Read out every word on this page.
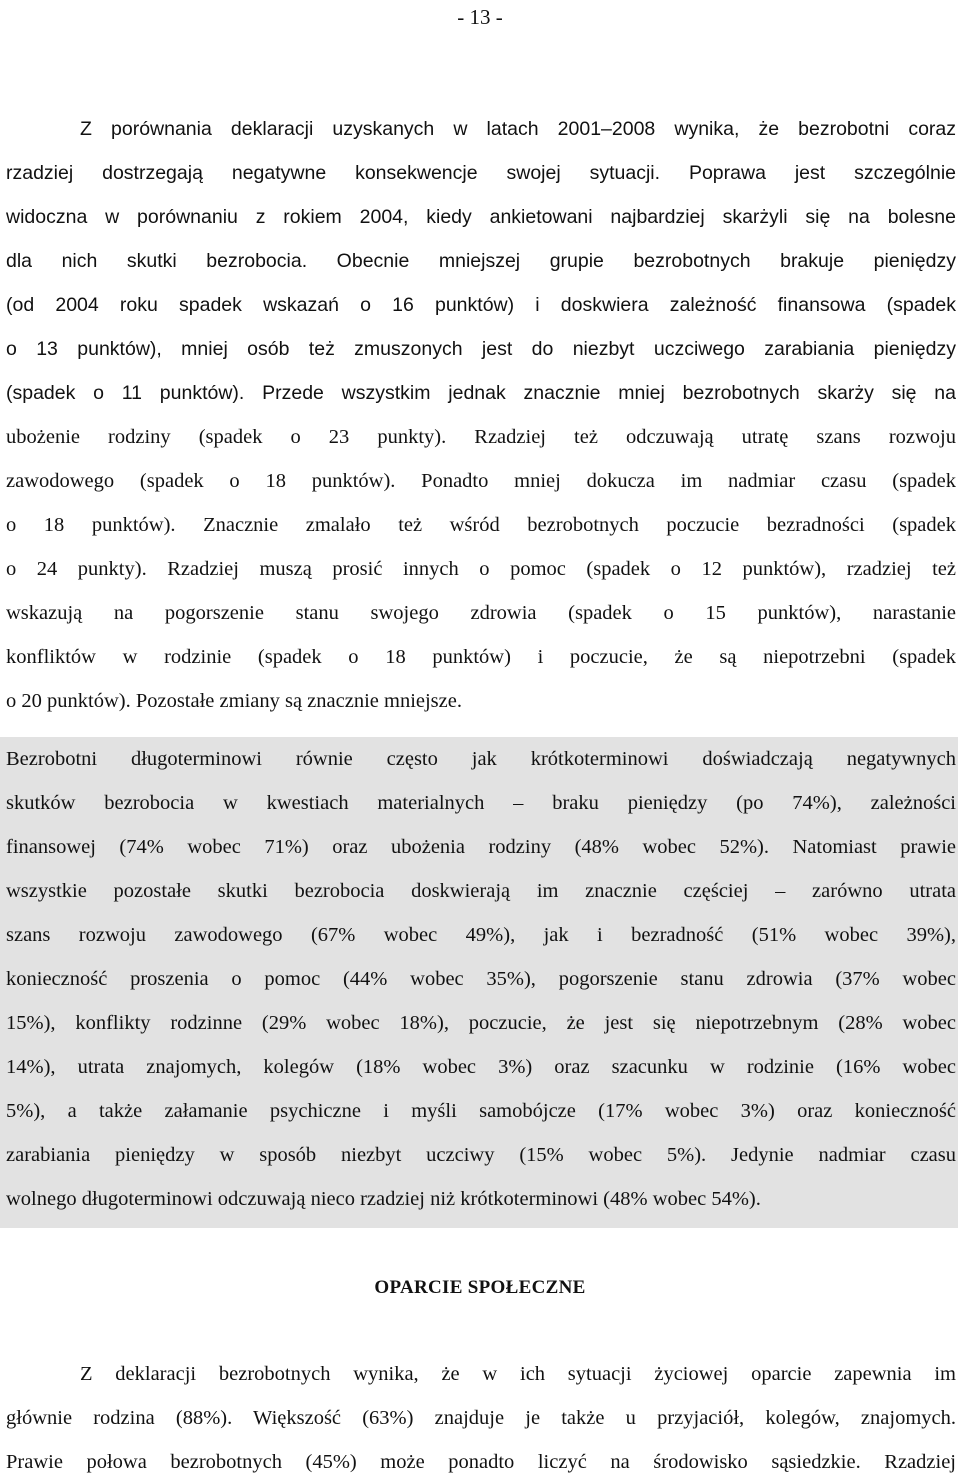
- 13 -
Z porównania deklaracji uzyskanych w latach 2001–2008 wynika, że bezrobotni coraz
rzadziej dostrzegają negatywne konsekwencje swojej sytuacji. Poprawa jest szczególnie
widoczna w porównaniu z rokiem 2004, kiedy ankietowani najbardziej skarżyli się na bolesne
dla nich skutki bezrobocia. Obecnie mniejszej grupie bezrobotnych brakuje pieniędzy
(od 2004 roku spadek wskazań o 16 punktów) i doskwiera zależność finansowa (spadek
o 13 punktów), mniej osób też zmuszonych jest do niezbyt uczciwego zarabiania pieniędzy
(spadek o 11 punktów). Przede wszystkim jednak znacznie mniej bezrobotnych skarży się na
ubożenie rodziny (spadek o 23 punkty). Rzadziej też odczuwają utratę szans rozwoju
zawodowego (spadek o 18 punktów). Ponadto mniej dokucza im nadmiar czasu (spadek
o 18 punktów). Znacznie zmalało też wśród bezrobotnych poczucie bezradności (spadek
o 24 punkty). Rzadziej muszą prosić innych o pomoc (spadek o 12 punktów), rzadziej też
wskazują na pogorszenie stanu swojego zdrowia (spadek o 15 punktów), narastanie
konfliktów w rodzinie (spadek o 18 punktów) i poczucie, że są niepotrzebni (spadek
o 20 punktów). Pozostałe zmiany są znacznie mniejsze.
Bezrobotni długoterminowi równie często jak krótkoterminowi doświadczają negatywnych
skutków bezrobocia w kwestiach materialnych – braku pieniędzy (po 74%), zależności
finansowej (74% wobec 71%) oraz ubożenia rodziny (48% wobec 52%). Natomiast prawie
wszystkie pozostałe skutki bezrobocia doskwierają im znacznie częściej – zarówno utrata
szans rozwoju zawodowego (67% wobec 49%), jak i bezradność (51% wobec 39%),
konieczność proszenia o pomoc (44% wobec 35%), pogorszenie stanu zdrowia (37% wobec
15%), konflikty rodzinne (29% wobec 18%), poczucie, że jest się niepotrzebnym (28% wobec
14%), utrata znajomych, kolegów (18% wobec 3%) oraz szacunku w rodzinie (16% wobec
5%), a także załamanie psychiczne i myśli samobójcze (17% wobec 3%) oraz konieczność
zarabiania pieniędzy w sposób niezbyt uczciwy (15% wobec 5%). Jedynie nadmiar czasu
wolnego długoterminowi odczuwają nieco rzadziej niż krótkoterminowi (48% wobec 54%).
OPARCIE SPOŁECZNE
Z deklaracji bezrobotnych wynika, że w ich sytuacji życiowej oparcie zapewnia im
głównie rodzina (88%). Większość (63%) znajduje je także u przyjaciół, kolegów, znajomych.
Prawie połowa bezrobotnych (45%) może ponadto liczyć na środowisko sąsiedzkie. Rzadziej
